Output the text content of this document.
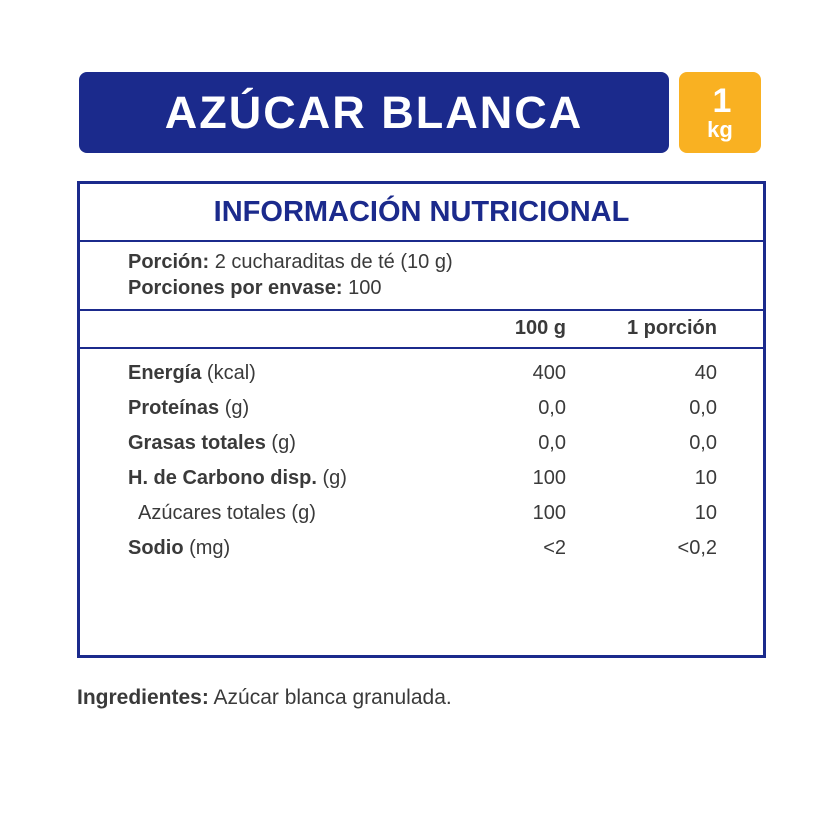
AZÚCAR BLANCA	1
kg
INFORMACIÓN NUTRICIONAL
Porción: 2 cucharaditas de té (10 g)
Porciones por envase: 100
100 g	1 porción
Energía (kcal)	400	40
Proteínas (g)	0,0	0,0
Grasas totales (g)	0,0	0,0
H. de Carbono disp. (g)	100	10
Azúcares totales (g)	100	10
Sodio (mg)	<2	<0,2
Ingredientes: Azúcar blanca granulada.
